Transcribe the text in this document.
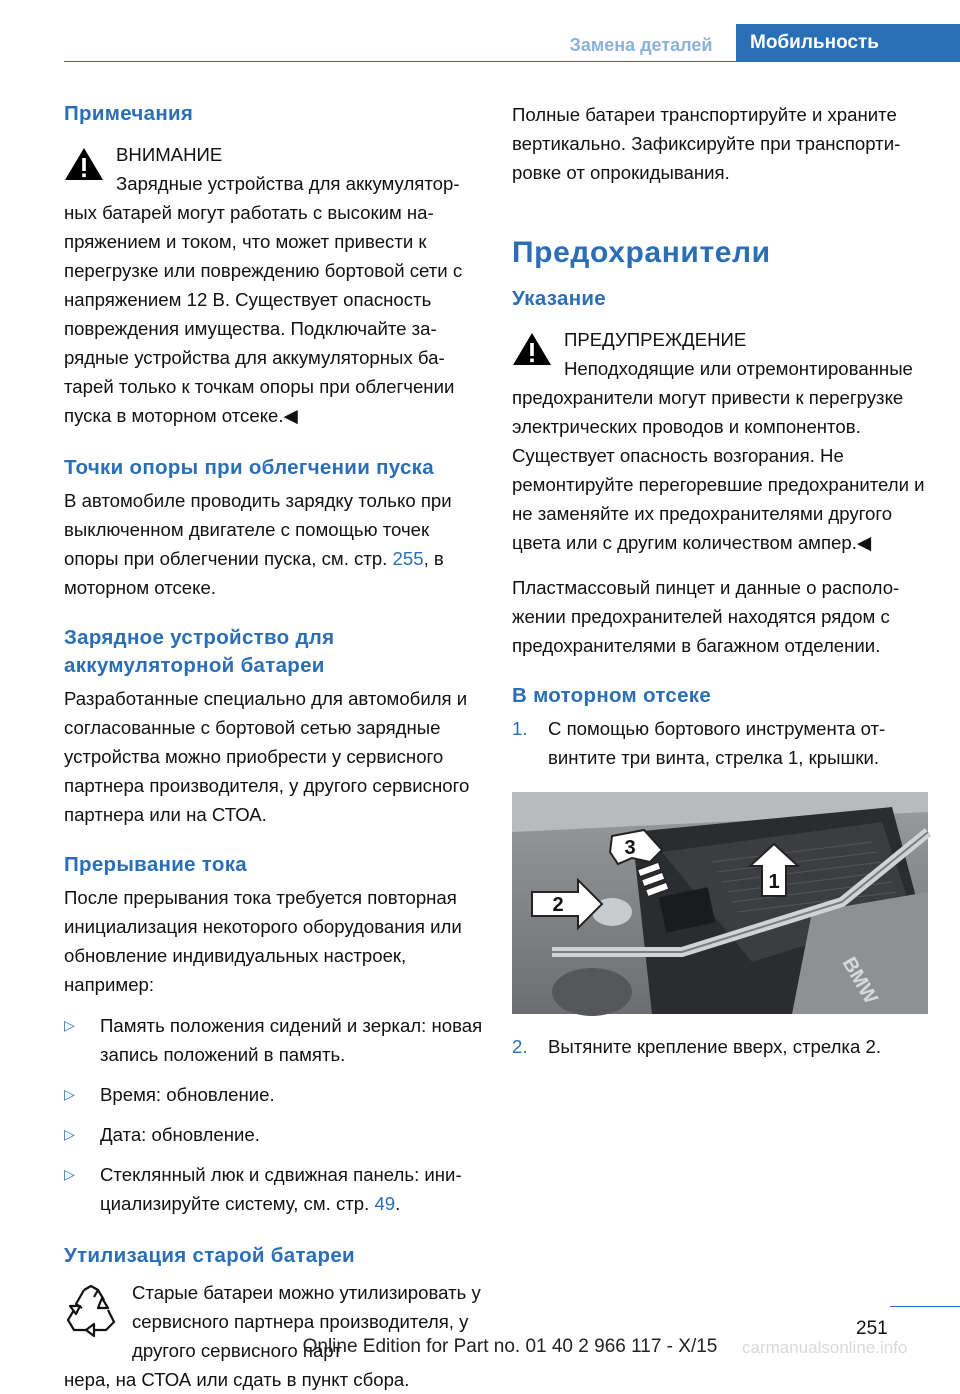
Замена деталей	Мобильность

Примечания

ВНИМАНИЕ
Зарядные устройства для аккумуляторных батарей могут работать с высоким напряжением и током, что может привести к перегрузке или повреждению бортовой сети с напряжением 12 В. Существует опасность повреждения имущества. Подключайте зарядные устройства для аккумуляторных батарей только к точкам опоры при облегчении пуска в моторном отсеке.◀

Точки опоры при облегчении пуска

В автомобиле проводить зарядку только при выключенном двигателе с помощью точек опоры при облегчении пуска, см. стр. 255, в моторном отсеке.

Зарядное устройство для аккумуляторной батареи

Разработанные специально для автомобиля и согласованные с бортовой сетью зарядные устройства можно приобрести у сервисного партнера производителя, у другого сервисного партнера или на СТОА.

Прерывание тока

После прерывания тока требуется повторная инициализация некоторого оборудования или обновление индивидуальных настроек, например:

▷ Память положения сидений и зеркал: новая запись положений в память.
▷ Время: обновление.
▷ Дата: обновление.
▷ Стеклянный люк и сдвижная панель: инициализируйте систему, см. стр. 49.

Утилизация старой батареи

Старые батареи можно утилизировать у сервисного партнера производителя, у другого сервисного парт
нера, на СТОА или сдать в пункт сбора.

Полные батареи транспортируйте и храните вертикально. Зафиксируйте при транспортировке от опрокидывания.

Предохранители

Указание

ПРЕДУПРЕЖДЕНИЕ
Неподходящие или отремонтированные предохранители могут привести к перегрузке электрических проводов и компонентов. Существует опасность возгорания. Не ремонтируйте перегоревшие предохранители и не заменяйте их предохранителями другого цвета или с другим количеством ампер.◀

Пластмассовый пинцет и данные о расположении предохранителей находятся рядом с предохранителями в багажном отделении.

В моторном отсеке

1. С помощью бортового инструмента отвинтите три винта, стрелка 1, крышки.
BMW
1
2
3
2. Вытяните крепление вверх, стрелка 2.
251
Online Edition for Part no. 01 40 2 966 117 - X/15	carmanualsonline.info
